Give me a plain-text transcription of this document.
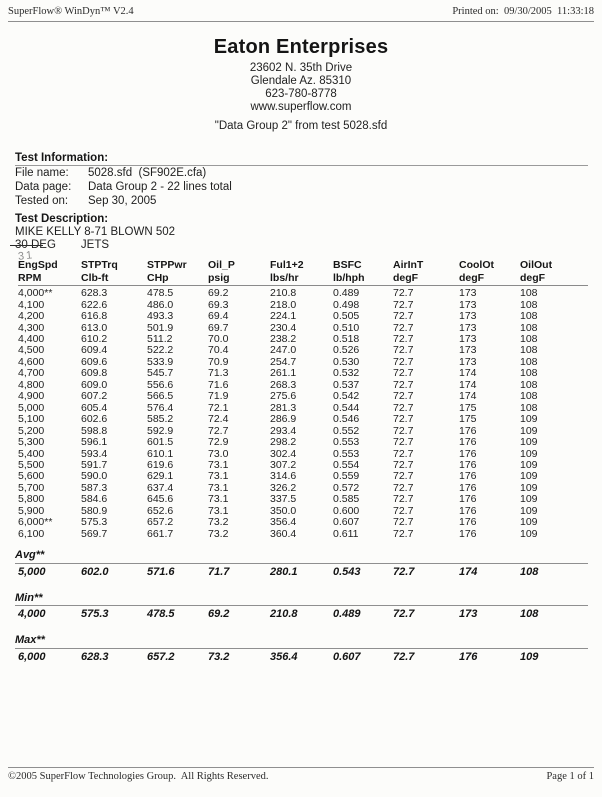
SuperFlow® WinDyn™ V2.4	Printed on:  09/30/2005  11:33:18
Eaton Enterprises
23602 N. 35th Drive
Glendale Az. 85310
623-780-8778
www.superflow.com
"Data Group 2" from test 5028.sfd
Test Information:
File name:	5028.sfd  (SF902E.cfa)
Data page:	Data Group 2 - 22 lines total
Tested on:	Sep 30, 2005
Test Description:
MIKE KELLY 8-71 BLOWN 502
30 DEG JETS
31
EngSpd	STPTrq	STPPwr	Oil_P	Ful1+2	BSFC	AirInT	CoolOt	OilOut
RPM	Clb-ft	CHp	psig	lbs/hr	lb/hph	degF	degF	degF
4,000**	628.3	478.5	69.2	210.8	0.489	72.7	173	108
4,100	622.6	486.0	69.3	218.0	0.498	72.7	173	108
4,200	616.8	493.3	69.4	224.1	0.505	72.7	173	108
4,300	613.0	501.9	69.7	230.4	0.510	72.7	173	108
4,400	610.2	511.2	70.0	238.2	0.518	72.7	173	108
4,500	609.4	522.2	70.4	247.0	0.526	72.7	173	108
4,600	609.6	533.9	70.9	254.7	0.530	72.7	173	108
4,700	609.8	545.7	71.3	261.1	0.532	72.7	174	108
4,800	609.0	556.6	71.6	268.3	0.537	72.7	174	108
4,900	607.2	566.5	71.9	275.6	0.542	72.7	174	108
5,000	605.4	576.4	72.1	281.3	0.544	72.7	175	108
5,100	602.6	585.2	72.4	286.9	0.546	72.7	175	109
5,200	598.8	592.9	72.7	293.4	0.552	72.7	176	109
5,300	596.1	601.5	72.9	298.2	0.553	72.7	176	109
5,400	593.4	610.1	73.0	302.4	0.553	72.7	176	109
5,500	591.7	619.6	73.1	307.2	0.554	72.7	176	109
5,600	590.0	629.1	73.1	314.6	0.559	72.7	176	109
5,700	587.3	637.4	73.1	326.2	0.572	72.7	176	109
5,800	584.6	645.6	73.1	337.5	0.585	72.7	176	109
5,900	580.9	652.6	73.1	350.0	0.600	72.7	176	109
6,000**	575.3	657.2	73.2	356.4	0.607	72.7	176	109
6,100	569.7	661.7	73.2	360.4	0.611	72.7	176	109
Avg**
5,000	602.0	571.6	71.7	280.1	0.543	72.7	174	108
Min**
4,000	575.3	478.5	69.2	210.8	0.489	72.7	173	108
Max**
6,000	628.3	657.2	73.2	356.4	0.607	72.7	176	109
©2005 SuperFlow Technologies Group.  All Rights Reserved.	Page 1 of 1
